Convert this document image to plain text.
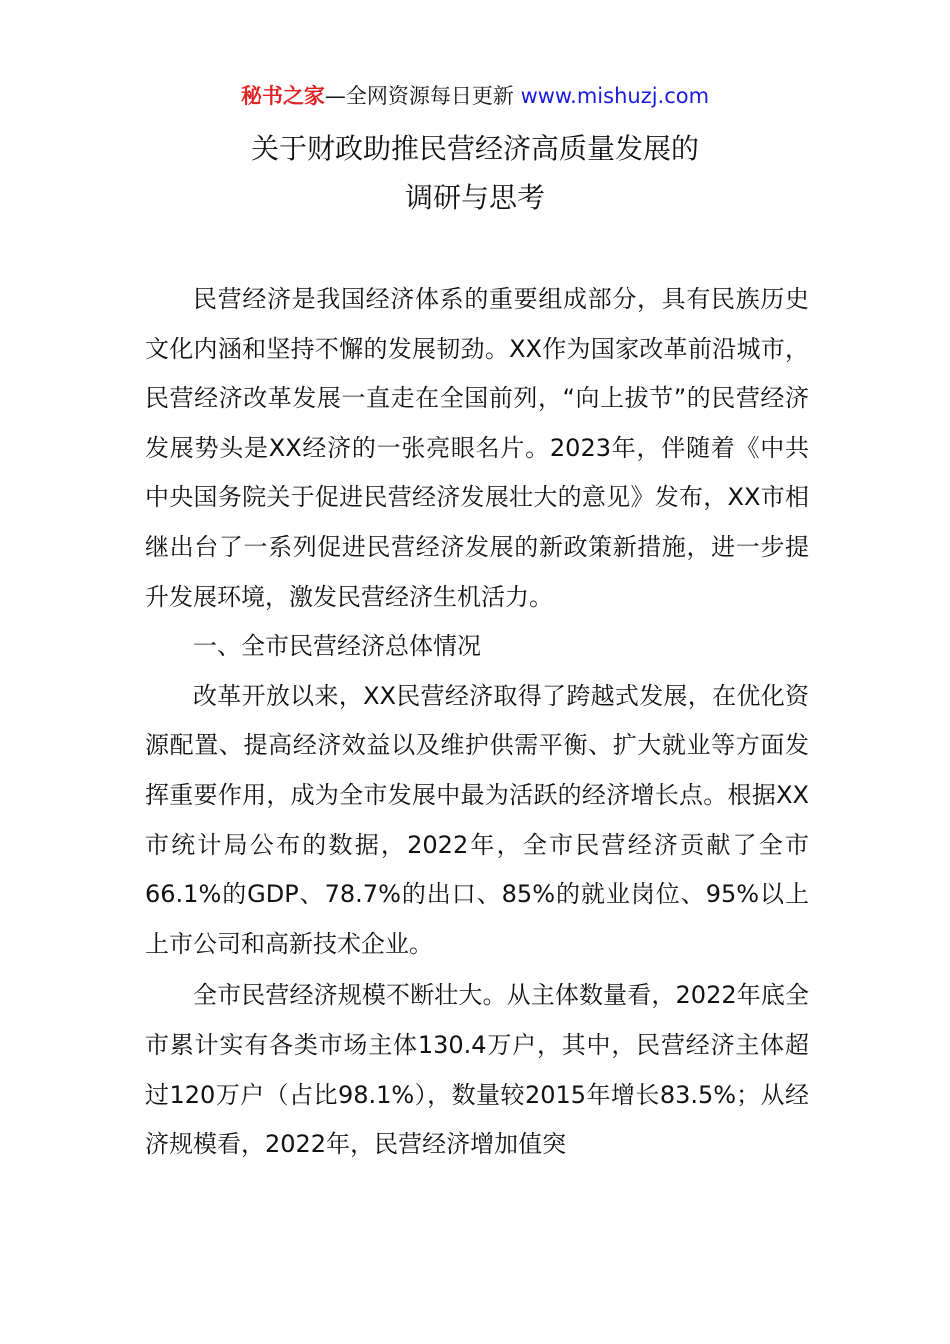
秘书之家—全网资源每日更新 www.mishuzj.com
关于财政助推民营经济高质量发展的
调研与思考

民营经济是我国经济体系的重要组成部分，具有民族历史文化内涵和坚持不懈的发展韧劲。XX作为国家改革前沿城市，民营经济改革发展一直走在全国前列，“向上拔节”的民营经济发展势头是XX经济的一张亮眼名片。2023年，伴随着《中共中央国务院关于促进民营经济发展壮大的意见》发布，XX市相继出台了一系列促进民营经济发展的新政策新措施，进一步提升发展环境，激发民营经济生机活力。

一、全市民营经济总体情况

改革开放以来，XX民营经济取得了跨越式发展，在优化资源配置、提高经济效益以及维护供需平衡、扩大就业等方面发挥重要作用，成为全市发展中最为活跃的经济增长点。根据XX市统计局公布的数据，2022年，全市民营经济贡献了全市66.1%的GDP、78.7%的出口、85%的就业岗位、95%以上上市公司和高新技术企业。

全市民营经济规模不断壮大。从主体数量看，2022年底全市累计实有各类市场主体130.4万户，其中，民营经济主体超过120万户（占比98.1%），数量较2015年增长83.5%；从经济规模看，2022年，民营经济增加值突
